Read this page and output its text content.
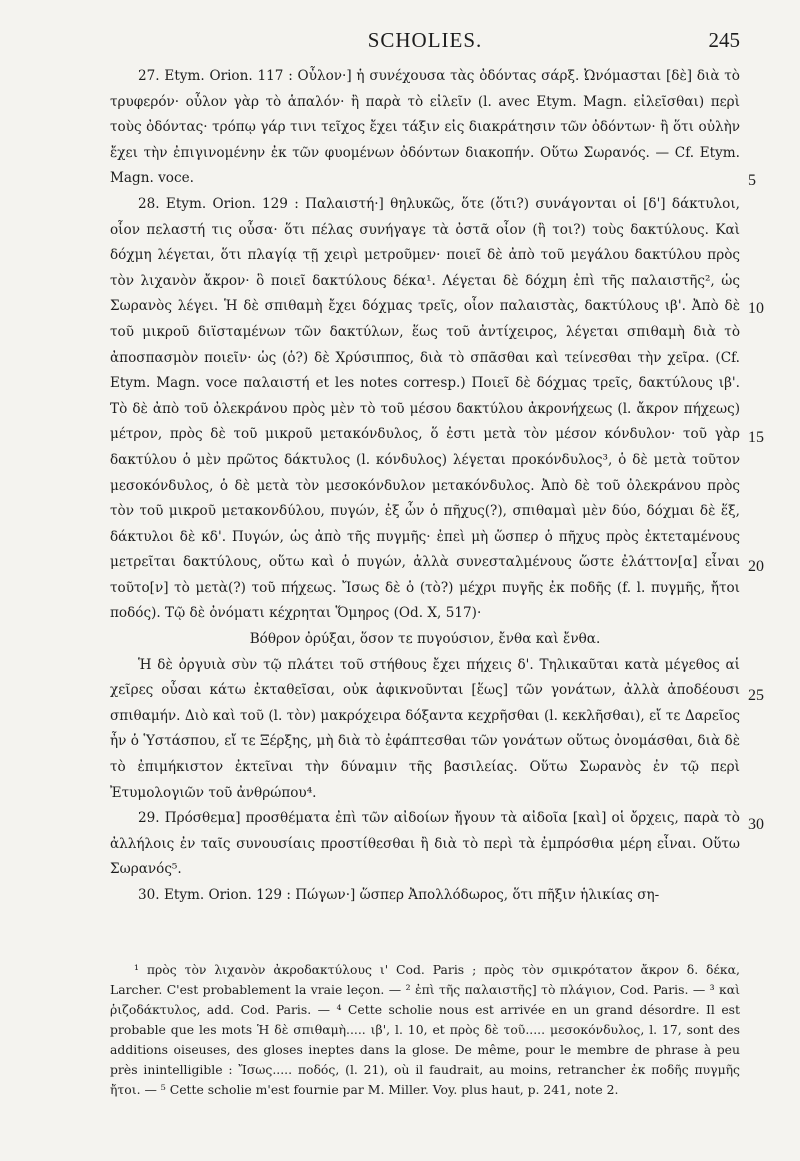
SCHOLIES.	245

27. Etym. Orion. 117 : Οὖλον·] ἡ συνέχουσα τὰς ὀδόντας σάρξ. Ὠνόμασται [δὲ] διὰ τὸ τρυφερόν· οὖλον γὰρ τὸ ἁπαλόν· ἢ παρὰ τὸ εἰλεῖν (l. avec Etym. Magn. εἰλεῖσθαι) περὶ τοὺς ὀδόντας· τρόπῳ γάρ τινι τεῖχος ἔχει τάξιν εἰς διακράτησιν τῶν ὀδόντων· ἢ ὅτι οὐλὴν ἔχει τὴν ἐπιγινομένην ἐκ τῶν φυομένων ὀδόντων διακοπήν. Οὕτω Σωρανός. — Cf. Etym. Magn. voce.

28. Etym. Orion. 129 : Παλαιστή·] θηλυκῶς, ὅτε (ὅτι?) συνάγονται οἱ [δ'] δάκτυλοι, οἷον πελαστή τις οὖσα· ὅτι πέλας συνήγαγε τὰ ὀστᾶ οἷον (ἢ τοι?) τοὺς δακτύλους. Καὶ δόχμη λέγεται, ὅτι πλαγίᾳ τῇ χειρὶ μετροῦμεν· ποιεῖ δὲ ἀπὸ τοῦ μεγάλου δακτύλου πρὸς τὸν λιχανὸν ἄκρον· ὃ ποιεῖ δακτύλους δέκα¹. Λέγεται δὲ δόχμη ἐπὶ τῆς παλαιστῆς², ὡς Σωρανὸς λέγει. Ἡ δὲ σπιθαμὴ ἔχει δόχμας τρεῖς, οἷον παλαιστὰς, δακτύλους ιβ'. Ἀπὸ δὲ τοῦ μικροῦ διϊσταμένων τῶν δακτύλων, ἕως τοῦ ἀντίχειρος, λέγεται σπιθαμὴ διὰ τὸ ἀποσπασμὸν ποιεῖν· ὡς (ὁ?) δὲ Χρύσιππος, διὰ τὸ σπᾶσθαι καὶ τείνεσθαι τὴν χεῖρα. (Cf. Etym. Magn. voce παλαιστή et les notes corresp.) Ποιεῖ δὲ δόχμας τρεῖς, δακτύλους ιβ'. Τὸ δὲ ἀπὸ τοῦ ὀλεκράνου πρὸς μὲν τὸ τοῦ μέσου δακτύλου ἀκρονήχεως (l. ἄκρον πήχεως) μέτρον, πρὸς δὲ τοῦ μικροῦ μετακόνδυλος, ὅ ἐστι μετὰ τὸν μέσον κόνδυλον· τοῦ γὰρ δακτύλου ὁ μὲν πρῶτος δάκτυλος (l. κόνδυλος) λέγεται προκόνδυλος³, ὁ δὲ μετὰ τοῦτον μεσοκόνδυλος, ὁ δὲ μετὰ τὸν μεσοκόνδυλον μετακόνδυλος. Ἀπὸ δὲ τοῦ ὀλεκράνου πρὸς τὸν τοῦ μικροῦ μετακονδύλου, πυγών, ἐξ ὧν ὁ πῆχυς(?), σπιθαμαὶ μὲν δύο, δόχμαι δὲ ἕξ, δάκτυλοι δὲ κδ'. Πυγών, ὡς ἀπὸ τῆς πυγμῆς· ἐπεὶ μὴ ὥσπερ ὁ πῆχυς πρὸς ἐκτεταμένους μετρεῖται δακτύλους, οὕτω καὶ ὁ πυγών, ἀλλὰ συνεσταλμένους ὥστε ἐλάττον[α] εἶναι τοῦτο[ν] τὸ μετὰ(?) τοῦ πήχεως. Ἴσως δὲ ὁ (τὸ?) μέχρι πυγῆς ἐκ ποδῆς (f. l. πυγμῆς, ἤτοι ποδός). Τῷ δὲ ὀνόματι κέχρηται Ὅμηρος (Od. X, 517)·

Βόθρον ὀρύξαι, ὅσον τε πυγούσιον, ἔνθα καὶ ἔνθα.

Ἡ δὲ ὀργυιὰ σὺν τῷ πλάτει τοῦ στήθους ἔχει πήχεις δ'. Τηλικαῦται κατὰ μέγεθος αἱ χεῖρες οὖσαι κάτω ἐκταθεῖσαι, οὐκ ἀφικνοῦνται [ἕως] τῶν γονάτων, ἀλλὰ ἀποδέουσι σπιθαμήν. Διὸ καὶ τοῦ (l. τὸν) μακρόχειρα δόξαντα κεχρῆσθαι (l. κεκλῆσθαι), εἴ τε Δαρεῖος ἦν ὁ Ὑστάσπου, εἴ τε Ξέρξης, μὴ διὰ τὸ ἐφάπτεσθαι τῶν γονάτων οὕτως ὀνομάσθαι, διὰ δὲ τὸ ἐπιμήκιστον ἐκτεῖναι τὴν δύναμιν τῆς βασιλείας. Οὕτω Σωρανὸς ἐν τῷ περὶ Ἐτυμολογιῶν τοῦ ἀνθρώπου⁴.

29. Πρόσθεμα] προσθέματα ἐπὶ τῶν αἰδοίων ἤγουν τὰ αἰδοῖα [καὶ] οἱ ὄρχεις, παρὰ τὸ ἀλλήλοις ἐν ταῖς συνουσίαις προστίθεσθαι ἢ διὰ τὸ περὶ τὰ ἐμπρόσθια μέρη εἶναι. Οὕτω Σωρανός⁵.

30. Etym. Orion. 129 : Πώγων·] ὥσπερ Ἀπολλόδωρος, ὅτι πῆξιν ἡλικίας ση-

5
10
15
20
25
30

¹ πρὸς τὸν λιχανὸν ἀκροδακτύλους ι' Cod. Paris ; πρὸς τὸν σμικρότατον ἄκρον δ. δέκα, Larcher. C'est probablement la vraie leçon. — ² ἐπὶ τῆς παλαιστῆς] τὸ πλάγιον, Cod. Paris. — ³ καὶ ῥιζοδάκτυλος, add. Cod. Paris. — ⁴ Cette scholie nous est arrivée en un grand désordre. Il est probable que les mots Ἡ δὲ σπιθαμὴ..... ιβ', l. 10, et πρὸς δὲ τοῦ..... μεσοκόνδυλος, l. 17, sont des additions oiseuses, des gloses ineptes dans la glose. De même, pour le membre de phrase à peu près inintelligible : Ἴσως..... ποδός, (l. 21), où il faudrait, au moins, retrancher ἐκ ποδῆς πυγμῆς ἤτοι. — ⁵ Cette scholie m'est fournie par M. Miller. Voy. plus haut, p. 241, note 2.
